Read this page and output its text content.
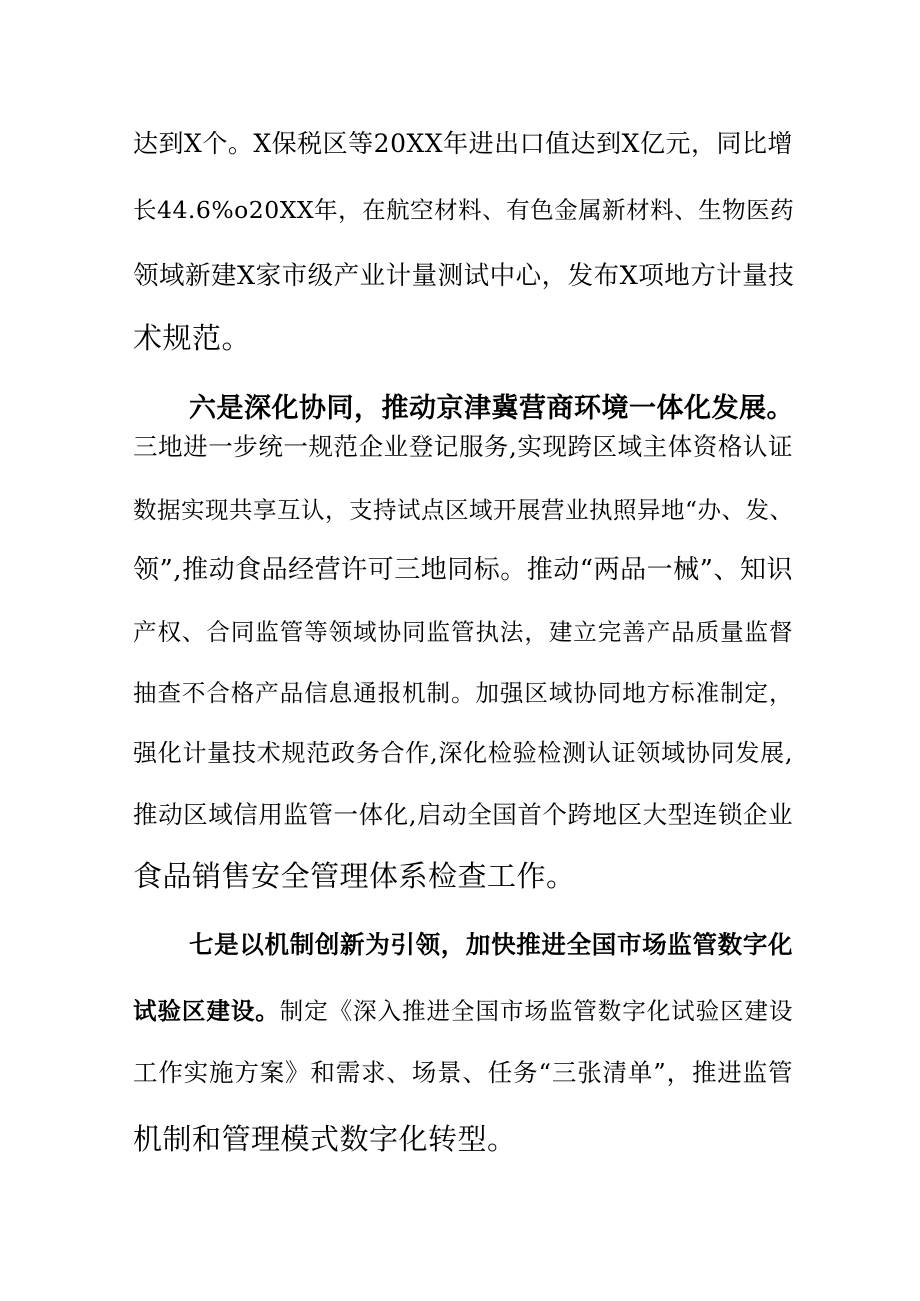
达到X个。X保税区等20XX年进出口值达到X亿元，同比增
长44.6%o20XX年，在航空材料、有色金属新材料、生物医药
领域新建X家市级产业计量测试中心，发布X项地方计量技
术规范。
六是深化协同，推动京津冀营商环境一体化发展。
三地进一步统一规范企业登记服务,实现跨区域主体资格认证
数据实现共享互认，支持试点区域开展营业执照异地“办、发、
领”,推动食品经营许可三地同标。推动“两品一械”、知识
产权、合同监管等领域协同监管执法，建立完善产品质量监督
抽查不合格产品信息通报机制。加强区域协同地方标准制定，
强化计量技术规范政务合作,深化检验检测认证领域协同发展,
推动区域信用监管一体化,启动全国首个跨地区大型连锁企业
食品销售安全管理体系检查工作。
七是以机制创新为引领，加快推进全国市场监管数字化
试验区建设。制定《深入推进全国市场监管数字化试验区建设
工作实施方案》和需求、场景、任务“三张清单”，推进监管
机制和管理模式数字化转型。
